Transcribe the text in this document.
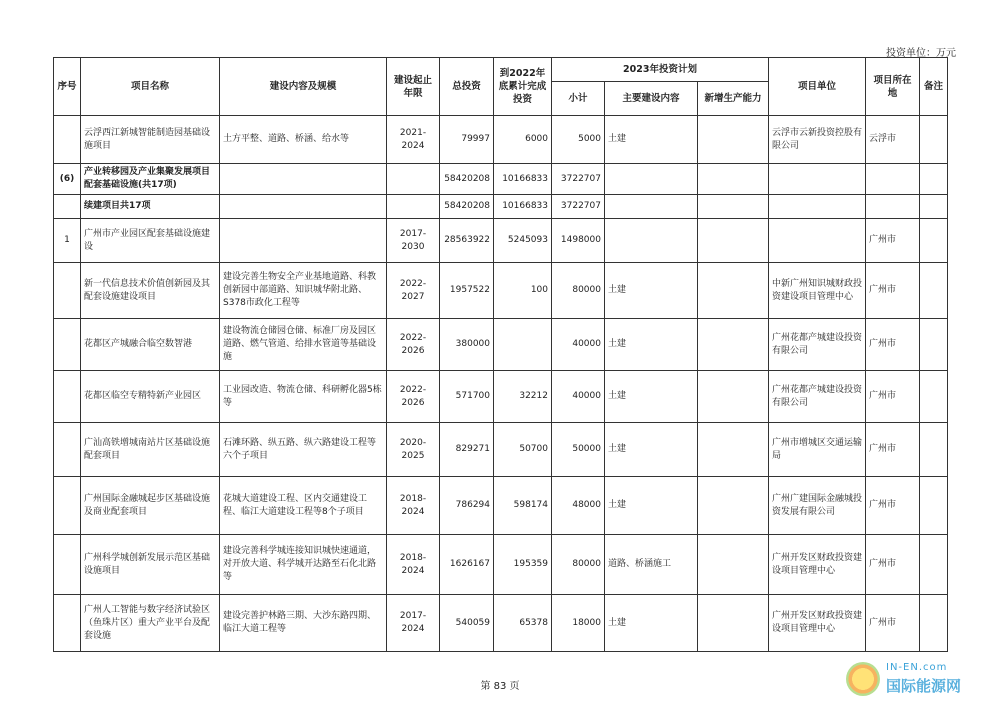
投资单位：万元
序号	项目名称	建设内容及规模	建设起止年限	总投资	到2022年底累计完成投资	2023年投资计划			项目单位	项目所在地	备注
						小计	主要建设内容	新增生产能力			
	云浮西江新城智能制造园基础设施项目	土方平整、道路、桥涵、给水等	2021-2024	79997	6000	5000	土建		云浮市云新投资控股有限公司	云浮市	
(6)	产业转移园及产业集聚发展项目配套基础设施(共17项)			58420208	10166833	3722707					
	续建项目共17项			58420208	10166833	3722707					
1	广州市产业园区配套基础设施建设		2017-2030	28563922	5245093	1498000				广州市	
	新一代信息技术价值创新园及其配套设施建设项目	建设完善生物安全产业基地道路、科教创新园中部道路、知识城华附北路、S378市政化工程等	2022-2027	1957522	100	80000	土建		中新广州知识城财政投资建设项目管理中心	广州市	
	花都区产城融合临空数智港	建设物流仓储园仓储、标准厂房及园区道路、燃气管道、给排水管道等基础设施	2022-2026	380000		40000	土建		广州花都产城建设投资有限公司	广州市	
	花都区临空专精特新产业园区	工业园改造、物流仓储、科研孵化器5栋等	2022-2026	571700	32212	40000	土建		广州花都产城建设投资有限公司	广州市	
	广汕高铁增城南站片区基础设施配套项目	石滩环路、纵五路、纵六路建设工程等六个子项目	2020-2025	829271	50700	50000	土建		广州市增城区交通运输局	广州市	
	广州国际金融城起步区基础设施及商业配套项目	花城大道建设工程、区内交通建设工程、临江大道建设工程等8个子项目	2018-2024	786294	598174	48000	土建		广州广建国际金融城投资发展有限公司	广州市	
	广州科学城创新发展示范区基础设施项目	建设完善科学城连接知识城快速通道，对开放大道、科学城开达路至石化北路等	2018-2024	1626167	195359	80000	道路、桥涵施工		广州开发区财政投资建设项目管理中心	广州市	
	广州人工智能与数字经济试验区（鱼珠片区）重大产业平台及配套设施	建设完善护林路三期、大沙东路四期、临江大道工程等	2017-2024	540059	65378	18000	土建		广州开发区财政投资建设项目管理中心	广州市	
第 83 页
IN-EN.com
国际能源网
